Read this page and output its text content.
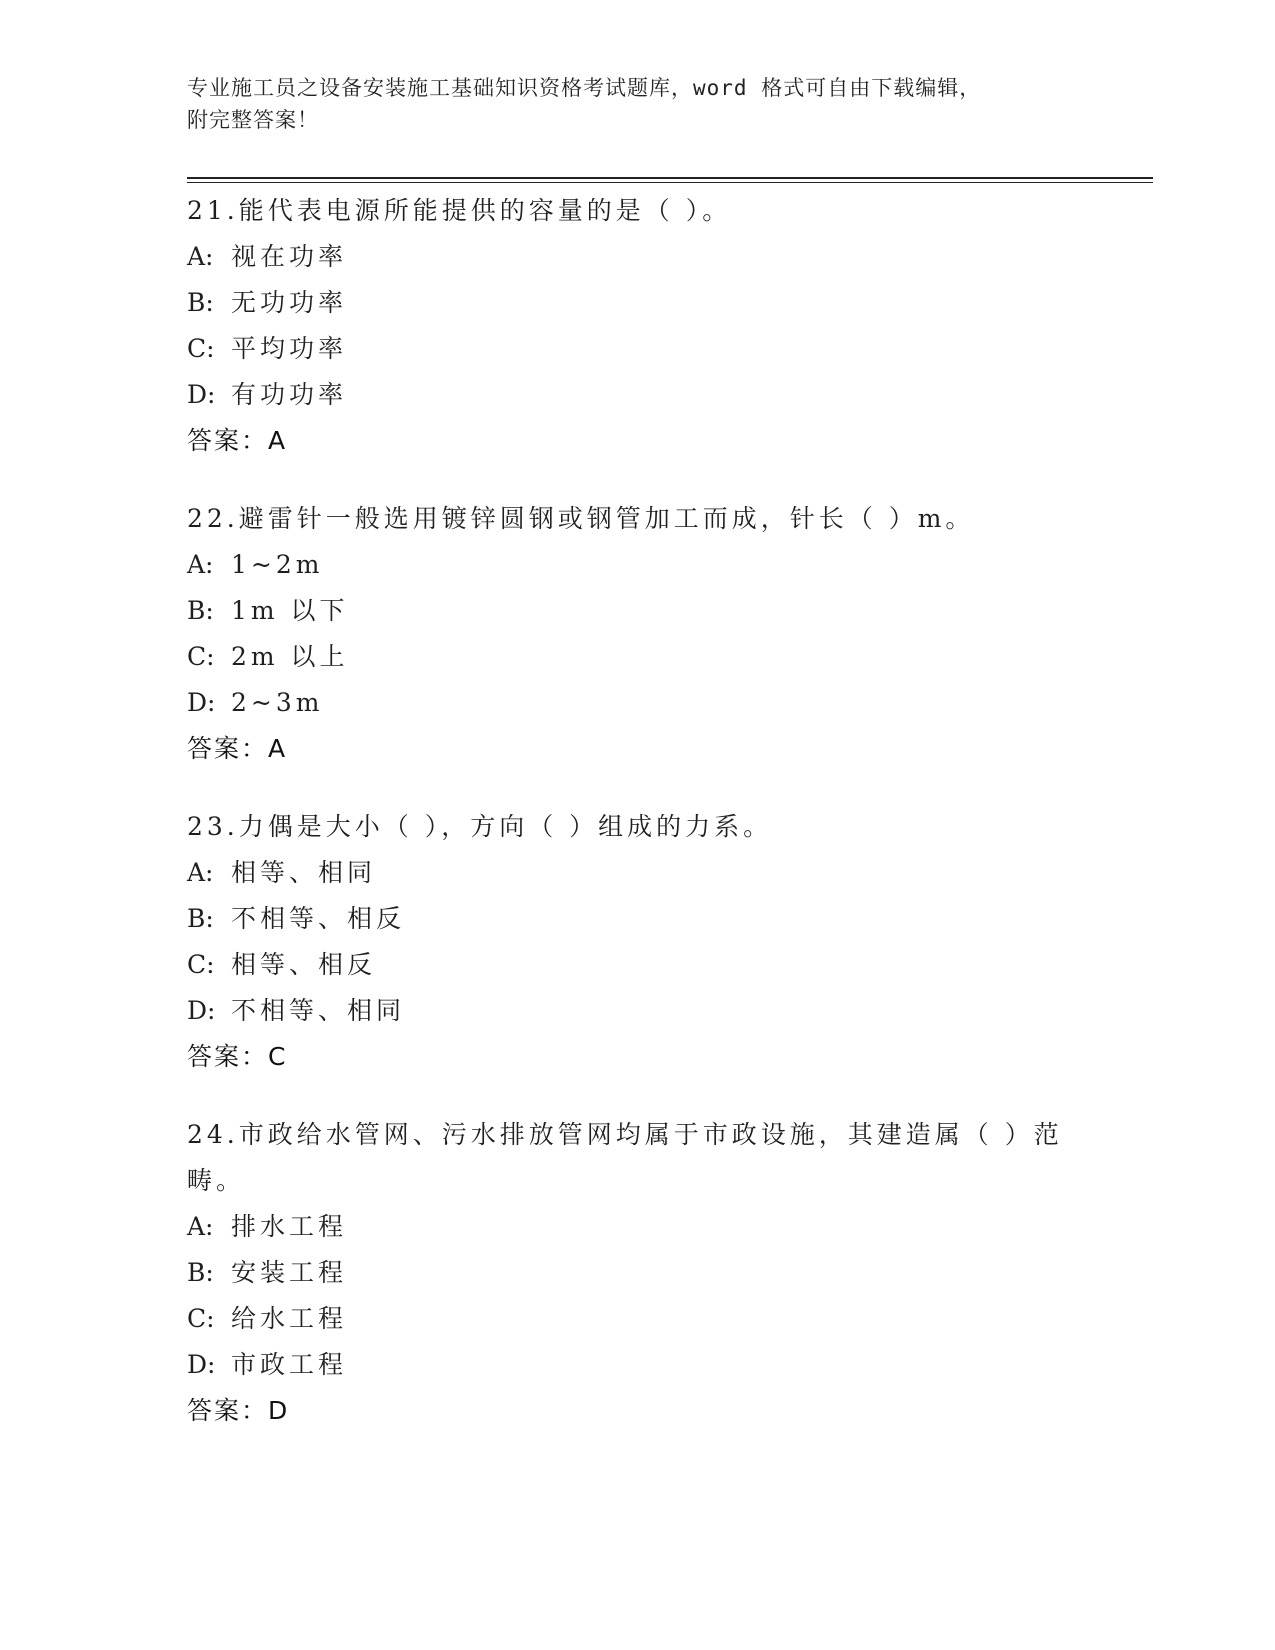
专业施工员之设备安装施工基础知识资格考试题库，word 格式可自由下载编辑，
附完整答案！
21.能代表电源所能提供的容量的是（ ）。
A: 视在功率
B: 无功功率
C: 平均功率
D: 有功功率
答案：A
22.避雷针一般选用镀锌圆钢或钢管加工而成，针长（ ）m。
A: 1~2m
B: 1m 以下
C: 2m 以上
D: 2~3m
答案：A
23.力偶是大小（ ），方向（ ）组成的力系。
A: 相等、相同
B: 不相等、相反
C: 相等、相反
D: 不相等、相同
答案：C
24.市政给水管网、污水排放管网均属于市政设施，其建造属（ ）范畴。
A: 排水工程
B: 安装工程
C: 给水工程
D: 市政工程
答案：D
